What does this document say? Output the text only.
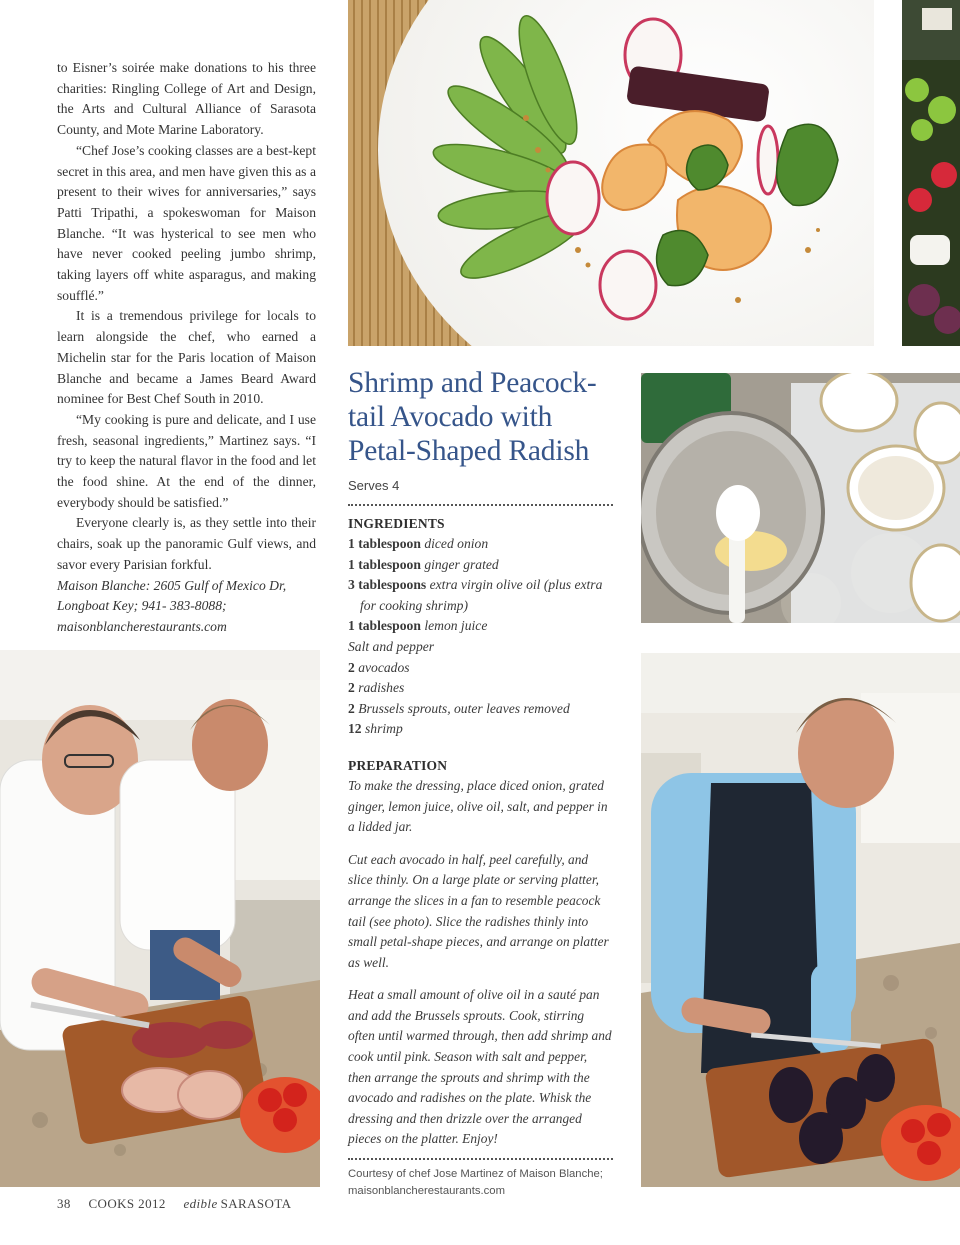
to Eisner’s soirée make donations to his three charities: Ringling College of Art and Design, the Arts and Cultural Alliance of Sarasota County, and Mote Marine Laboratory.

“Chef Jose’s cooking classes are a best-kept secret in this area, and men have given this as a present to their wives for anniversaries,” says Patti Tripathi, a spokeswoman for Maison Blanche. “It was hysterical to see men who have never cooked peeling jumbo shrimp, taking layers off white asparagus, and making soufflé.”

It is a tremendous privilege for locals to learn alongside the chef, who earned a Michelin star for the Paris location of Maison Blanche and became a James Beard Award nominee for Best Chef South in 2010.

“My cooking is pure and delicate, and I use fresh, seasonal ingredients,” Martinez says. “I try to keep the natural flavor in the food and let the food shine. At the end of the dinner, everybody should be satisfied.”

Everyone clearly is, as they settle into their chairs, soak up the panoramic Gulf views, and savor every Parisian forkful.

Maison Blanche: 2605 Gulf of Mexico Dr, Longboat Key; 941- 383-8088; maisonblancherestaurants.com

Shrimp and Peacock-tail Avocado with Petal-Shaped Radish
Serves 4
INGREDIENTS

1 tablespoon diced onion

1 tablespoon ginger grated

3 tablespoons extra virgin olive oil (plus extra for cooking shrimp)

1 tablespoon lemon juice

Salt and pepper

2 avocados

2 radishes

2 Brussels sprouts, outer leaves removed

12 shrimp

PREPARATION

To make the dressing, place diced onion, grated ginger, lemon juice, olive oil, salt, and pepper in a lidded jar.

Cut each avocado in half, peel carefully, and slice thinly. On a large plate or serving platter, arrange the slices in a fan to resemble peacock tail (see photo). Slice the radishes thinly into small petal-shape pieces, and arrange on platter as well.

Heat a small amount of olive oil in a sauté pan and add the Brussels sprouts. Cook, stirring often until warmed through, then add shrimp and cook until pink. Season with salt and pepper, then arrange the sprouts and shrimp with the avocado and radishes on the plate. Whisk the dressing and then drizzle over the arranged pieces on the platter. Enjoy!

Courtesy of chef Jose Martinez of Maison Blanche; maisonblancherestaurants.com
38 COOKS 2012 edible SARASOTA
